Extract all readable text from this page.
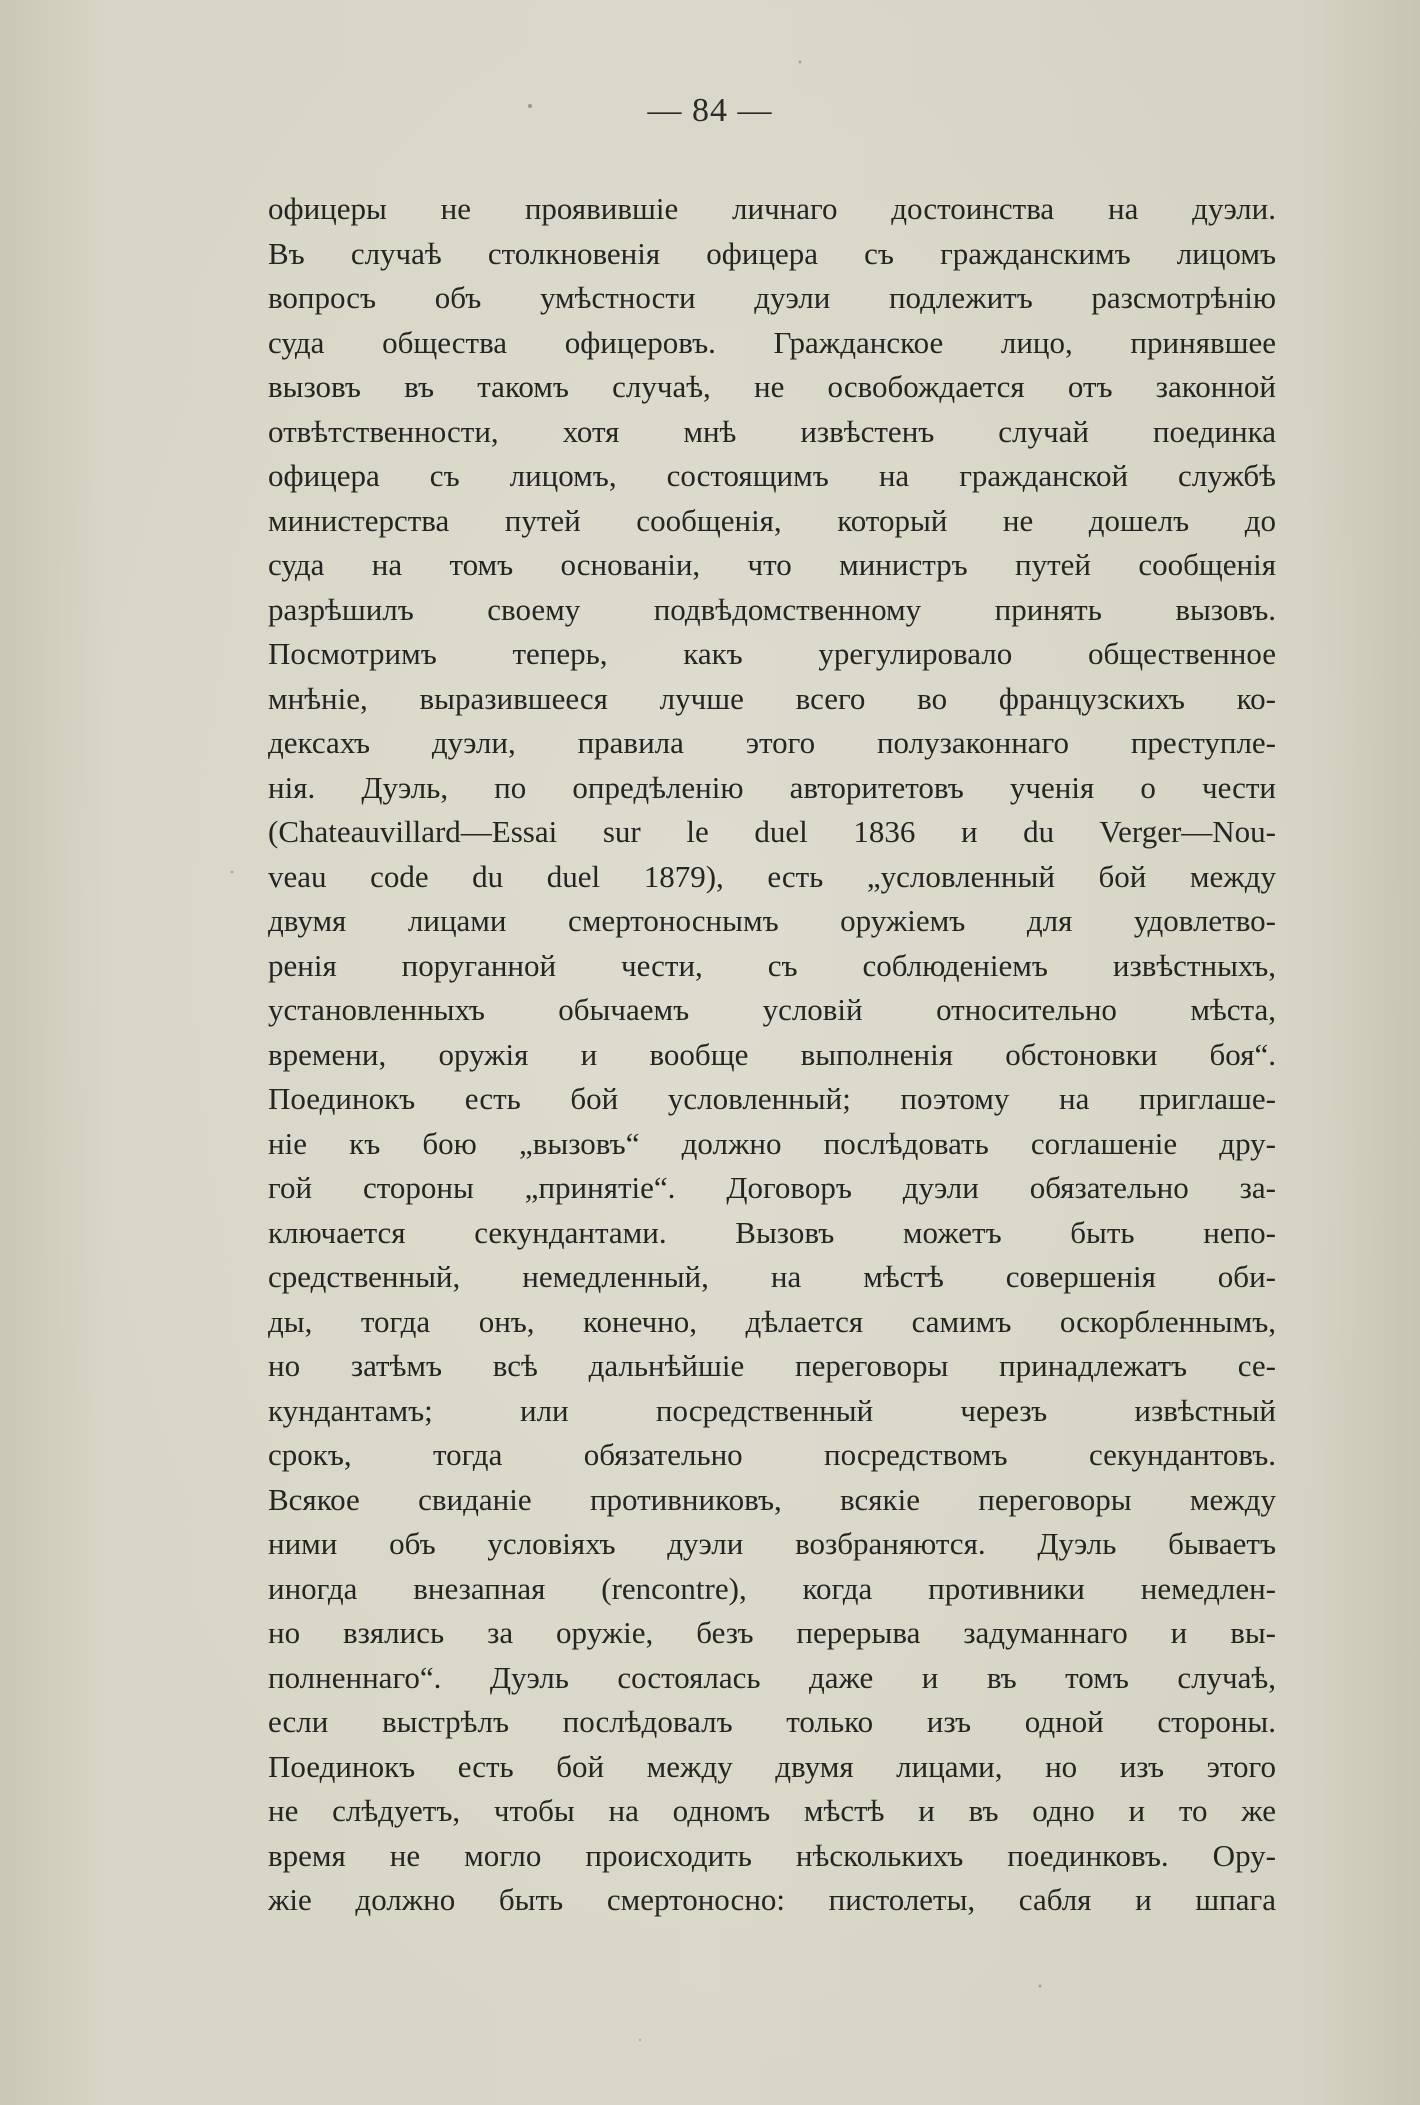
— 84 —

офицеры не проявившіе личнаго достоинства на дуэли.
Въ случаѣ столкновенія офицера съ гражданскимъ лицомъ
вопросъ объ умѣстности дуэли подлежитъ разсмотрѣнію
суда общества офицеровъ. Гражданское лицо, принявшее
вызовъ въ такомъ случаѣ, не освобождается отъ законной
отвѣтственности, хотя мнѣ извѣстенъ случай поединка
офицера съ лицомъ, состоящимъ на гражданской службѣ
министерства путей сообщенія, который не дошелъ до
суда на томъ основаніи, что министръ путей сообщенія
разрѣшилъ своему подвѣдомственному принять вызовъ.
Посмотримъ теперь, какъ урегулировало общественное
мнѣніе, выразившееся лучше всего во французскихъ ко-
дексахъ дуэли, правила этого полузаконнаго преступле-
нія. Дуэль, по опредѣленію авторитетовъ ученія о чести
(Chateauvillard—Essai sur le duel 1836 и du Verger—Nou-
veau code du duel 1879), есть „условленный бой между
двумя лицами смертоноснымъ оружіемъ для удовлетво-
ренія поруганной чести, съ соблюденіемъ извѣстныхъ,
установленныхъ обычаемъ условій относительно мѣста,
времени, оружія и вообще выполненія обстоновки боя“.
Поединокъ есть бой условленный; поэтому на приглаше-
ніе къ бою „вызовъ“ должно послѣдовать соглашеніе дру-
гой стороны „принятіе“. Договоръ дуэли обязательно за-
ключается секундантами. Вызовъ можетъ быть непо-
средственный, немедленный, на мѣстѣ совершенія оби-
ды, тогда онъ, конечно, дѣлается самимъ оскорбленнымъ,
но затѣмъ всѣ дальнѣйшіе переговоры принадлежатъ се-
кундантамъ; или посредственный черезъ извѣстный
срокъ, тогда обязательно посредствомъ секундантовъ.
Всякое свиданіе противниковъ, всякіе переговоры между
ними объ условіяхъ дуэли возбраняются. Дуэль бываетъ
иногда внезапная (rencontre), когда противники немедлен-
но взялись за оружіе, безъ перерыва задуманнаго и вы-
полненнаго“. Дуэль состоялась даже и въ томъ случаѣ,
если выстрѣлъ послѣдовалъ только изъ одной стороны.
Поединокъ есть бой между двумя лицами, но изъ этого
не слѣдуетъ, чтобы на одномъ мѣстѣ и въ одно и то же
время не могло происходить нѣсколькихъ поединковъ. Ору-
жіе должно быть смертоносно: пистолеты, сабля и шпага
